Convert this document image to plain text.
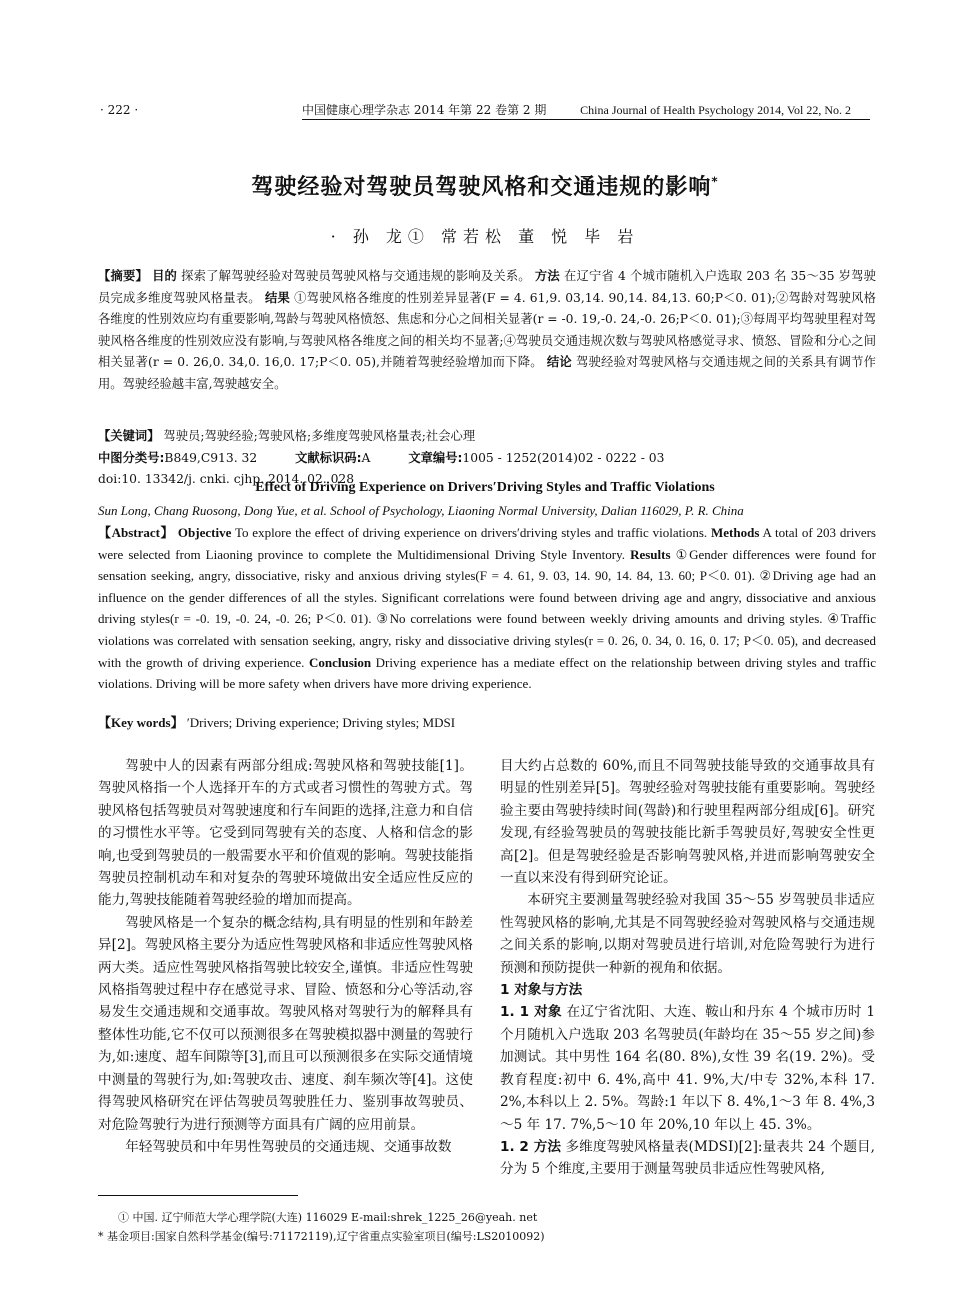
· 222 ·	中国健康心理学杂志 2014 年第 22 卷第 2 期	China Journal of Health Psychology 2014, Vol 22, No. 2
驾驶经验对驾驶员驾驶风格和交通违规的影响*
· 孙 龙① 常若松 董 悦 毕 岩
【摘要】 目的 探索了解驾驶经验对驾驶员驾驶风格与交通违规的影响及关系。 方法 在辽宁省 4 个城市随机入户选取 203 名 35～35 岁驾驶员完成多维度驾驶风格量表。 结果 ①驾驶风格各维度的性别差异显著(F = 4. 61,9. 03,14. 90,14. 84,13. 60;P＜0. 01);②驾龄对驾驶风格各维度的性别效应均有重要影响,驾龄与驾驶风格愤怒、焦虑和分心之间相关显著(r = -0. 19,-0. 24,-0. 26;P＜0. 01);③每周平均驾驶里程对驾驶风格各维度的性别效应没有影响,与驾驶风格各维度之间的相关均不显著;④驾驶员交通违规次数与驾驶风格感觉寻求、愤怒、冒险和分心之间相关显著(r = 0. 26,0. 34,0. 16,0. 17;P＜0. 05),并随着驾驶经验增加而下降。 结论 驾驶经验对驾驶风格与交通违规之间的关系具有调节作用。驾驶经验越丰富,驾驶越安全。
【关键词】 驾驶员;驾驶经验;驾驶风格;多维度驾驶风格量表;社会心理
中图分类号:B849,C913. 32	文献标识码:A	文章编号:1005 - 1252(2014)02 - 0222 - 03
doi:10. 13342/j. cnki. cjhp. 2014. 02. 028
Effect of Driving Experience on Drivers′Driving Styles and Traffic Violations
Sun Long, Chang Ruosong, Dong Yue, et al. School of Psychology, Liaoning Normal University, Dalian 116029, P. R. China
【Abstract】 Objective To explore the effect of driving experience on drivers′driving styles and traffic violations. Methods A total of 203 drivers were selected from Liaoning province to complete the Multidimensional Driving Style Inventory. Results ①Gender differences were found for sensation seeking, angry, dissociative, risky and anxious driving styles(F = 4. 61, 9. 03, 14. 90, 14. 84, 13. 60; P＜0. 01). ②Driving age had an influence on the gender differences of all the styles. Significant correlations were found between driving age and angry, dissociative and anxious driving styles(r = -0. 19, -0. 24, -0. 26; P＜0. 01). ③No correlations were found between weekly driving amounts and driving styles. ④Traffic violations was correlated with sensation seeking, angry, risky and dissociative driving styles(r = 0. 26, 0. 34, 0. 16, 0. 17; P＜0. 05), and decreased with the growth of driving experience. Conclusion Driving experience has a mediate effect on the relationship between driving styles and traffic violations. Driving will be more safety when drivers have more driving experience.
【Key words】 ′Drivers; Driving experience; Driving styles; MDSI

驾驶中人的因素有两部分组成:驾驶风格和驾驶技能[1]。驾驶风格指一个人选择开车的方式或者习惯性的驾驶方式。驾驶风格包括驾驶员对驾驶速度和行车间距的选择,注意力和自信的习惯性水平等。它受到同驾驶有关的态度、人格和信念的影响,也受到驾驶员的一般需要水平和价值观的影响。驾驶技能指驾驶员控制机动车和对复杂的驾驶环境做出安全适应性反应的能力,驾驶技能随着驾驶经验的增加而提高。

驾驶风格是一个复杂的概念结构,具有明显的性别和年龄差异[2]。驾驶风格主要分为适应性驾驶风格和非适应性驾驶风格两大类。适应性驾驶风格指驾驶比较安全,谨慎。非适应性驾驶风格指驾驶过程中存在感觉寻求、冒险、愤怒和分心等活动,容易发生交通违规和交通事故。驾驶风格对驾驶行为的解释具有整体性功能,它不仅可以预测很多在驾驶模拟器中测量的驾驶行为,如:速度、超车间隙等[3],而且可以预测很多在实际交通情境中测量的驾驶行为,如:驾驶攻击、速度、刹车频次等[4]。这使得驾驶风格研究在评估驾驶员驾驶胜任力、鉴别事故驾驶员、对危险驾驶行为进行预测等方面具有广阔的应用前景。

年轻驾驶员和中年男性驾驶员的交通违规、交通事故数

目大约占总数的 60%,而且不同驾驶技能导致的交通事故具有明显的性别差异[5]。驾驶经验对驾驶技能有重要影响。驾驶经验主要由驾驶持续时间(驾龄)和行驶里程两部分组成[6]。研究发现,有经验驾驶员的驾驶技能比新手驾驶员好,驾驶安全性更高[2]。但是驾驶经验是否影响驾驶风格,并进而影响驾驶安全一直以来没有得到研究论证。

本研究主要测量驾驶经验对我国 35～55 岁驾驶员非适应性驾驶风格的影响,尤其是不同驾驶经验对驾驶风格与交通违规之间关系的影响,以期对驾驶员进行培训,对危险驾驶行为进行预测和预防提供一种新的视角和依据。

1 对象与方法

1. 1 对象 在辽宁省沈阳、大连、鞍山和丹东 4 个城市历时 1 个月随机入户选取 203 名驾驶员(年龄均在 35～55 岁之间)参加测试。其中男性 164 名(80. 8%),女性 39 名(19. 2%)。受教育程度:初中 6. 4%,高中 41. 9%,大/中专 32%,本科 17. 2%,本科以上 2. 5%。驾龄:1 年以下 8. 4%,1～3 年 8. 4%,3～5 年 17. 7%,5～10 年 20%,10 年以上 45. 3%。

1. 2 方法 多维度驾驶风格量表(MDSI)[2]:量表共 24 个题目,分为 5 个维度,主要用于测量驾驶员非适应性驾驶风格,

① 中国. 辽宁师范大学心理学院(大连) 116029 E-mail:shrek_1225_26@yeah. net
* 基金项目:国家自然科学基金(编号:71172119),辽宁省重点实验室项目(编号:LS2010092)
